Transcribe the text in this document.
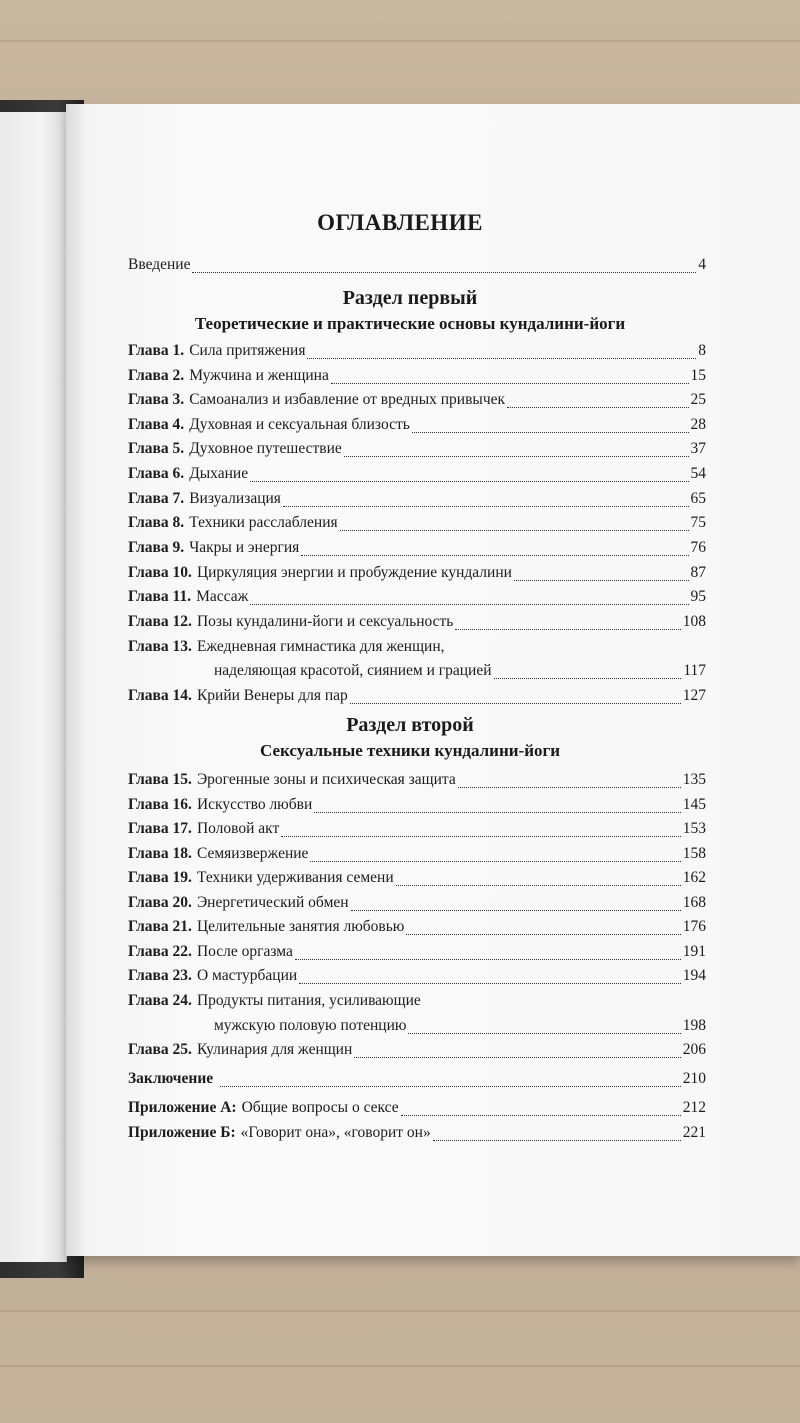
ОГЛАВЛЕНИЕ
Введение	4
Раздел первый
Теоретические и практические основы кундалини-йоги
Глава 1. Сила притяжения	8
Глава 2. Мужчина и женщина	15
Глава 3. Самоанализ и избавление от вредных привычек	25
Глава 4. Духовная и сексуальная близость	28
Глава 5. Духовное путешествие	37
Глава 6. Дыхание	54
Глава 7. Визуализация	65
Глава 8. Техники расслабления	75
Глава 9. Чакры и энергия	76
Глава 10. Циркуляция энергии и пробуждение кундалини	87
Глава 11. Массаж	95
Глава 12. Позы кундалини-йоги и сексуальность	108
Глава 13. Ежедневная гимнастика для женщин,
наделяющая красотой, сиянием и грацией	117
Глава 14. Крийи Венеры для пар	127
Раздел второй
Сексуальные техники кундалини-йоги
Глава 15. Эрогенные зоны и психическая защита	135
Глава 16. Искусство любви	145
Глава 17. Половой акт	153
Глава 18. Семяизвержение	158
Глава 19. Техники удерживания семени	162
Глава 20. Энергетический обмен	168
Глава 21. Целительные занятия любовью	176
Глава 22. После оргазма	191
Глава 23. О мастурбации	194
Глава 24. Продукты питания, усиливающие
мужскую половую потенцию	198
Глава 25. Кулинария для женщин	206
Заключение	210
Приложение А: Общие вопросы о сексе	212
Приложение Б: «Говорит она», «говорит он»	221
